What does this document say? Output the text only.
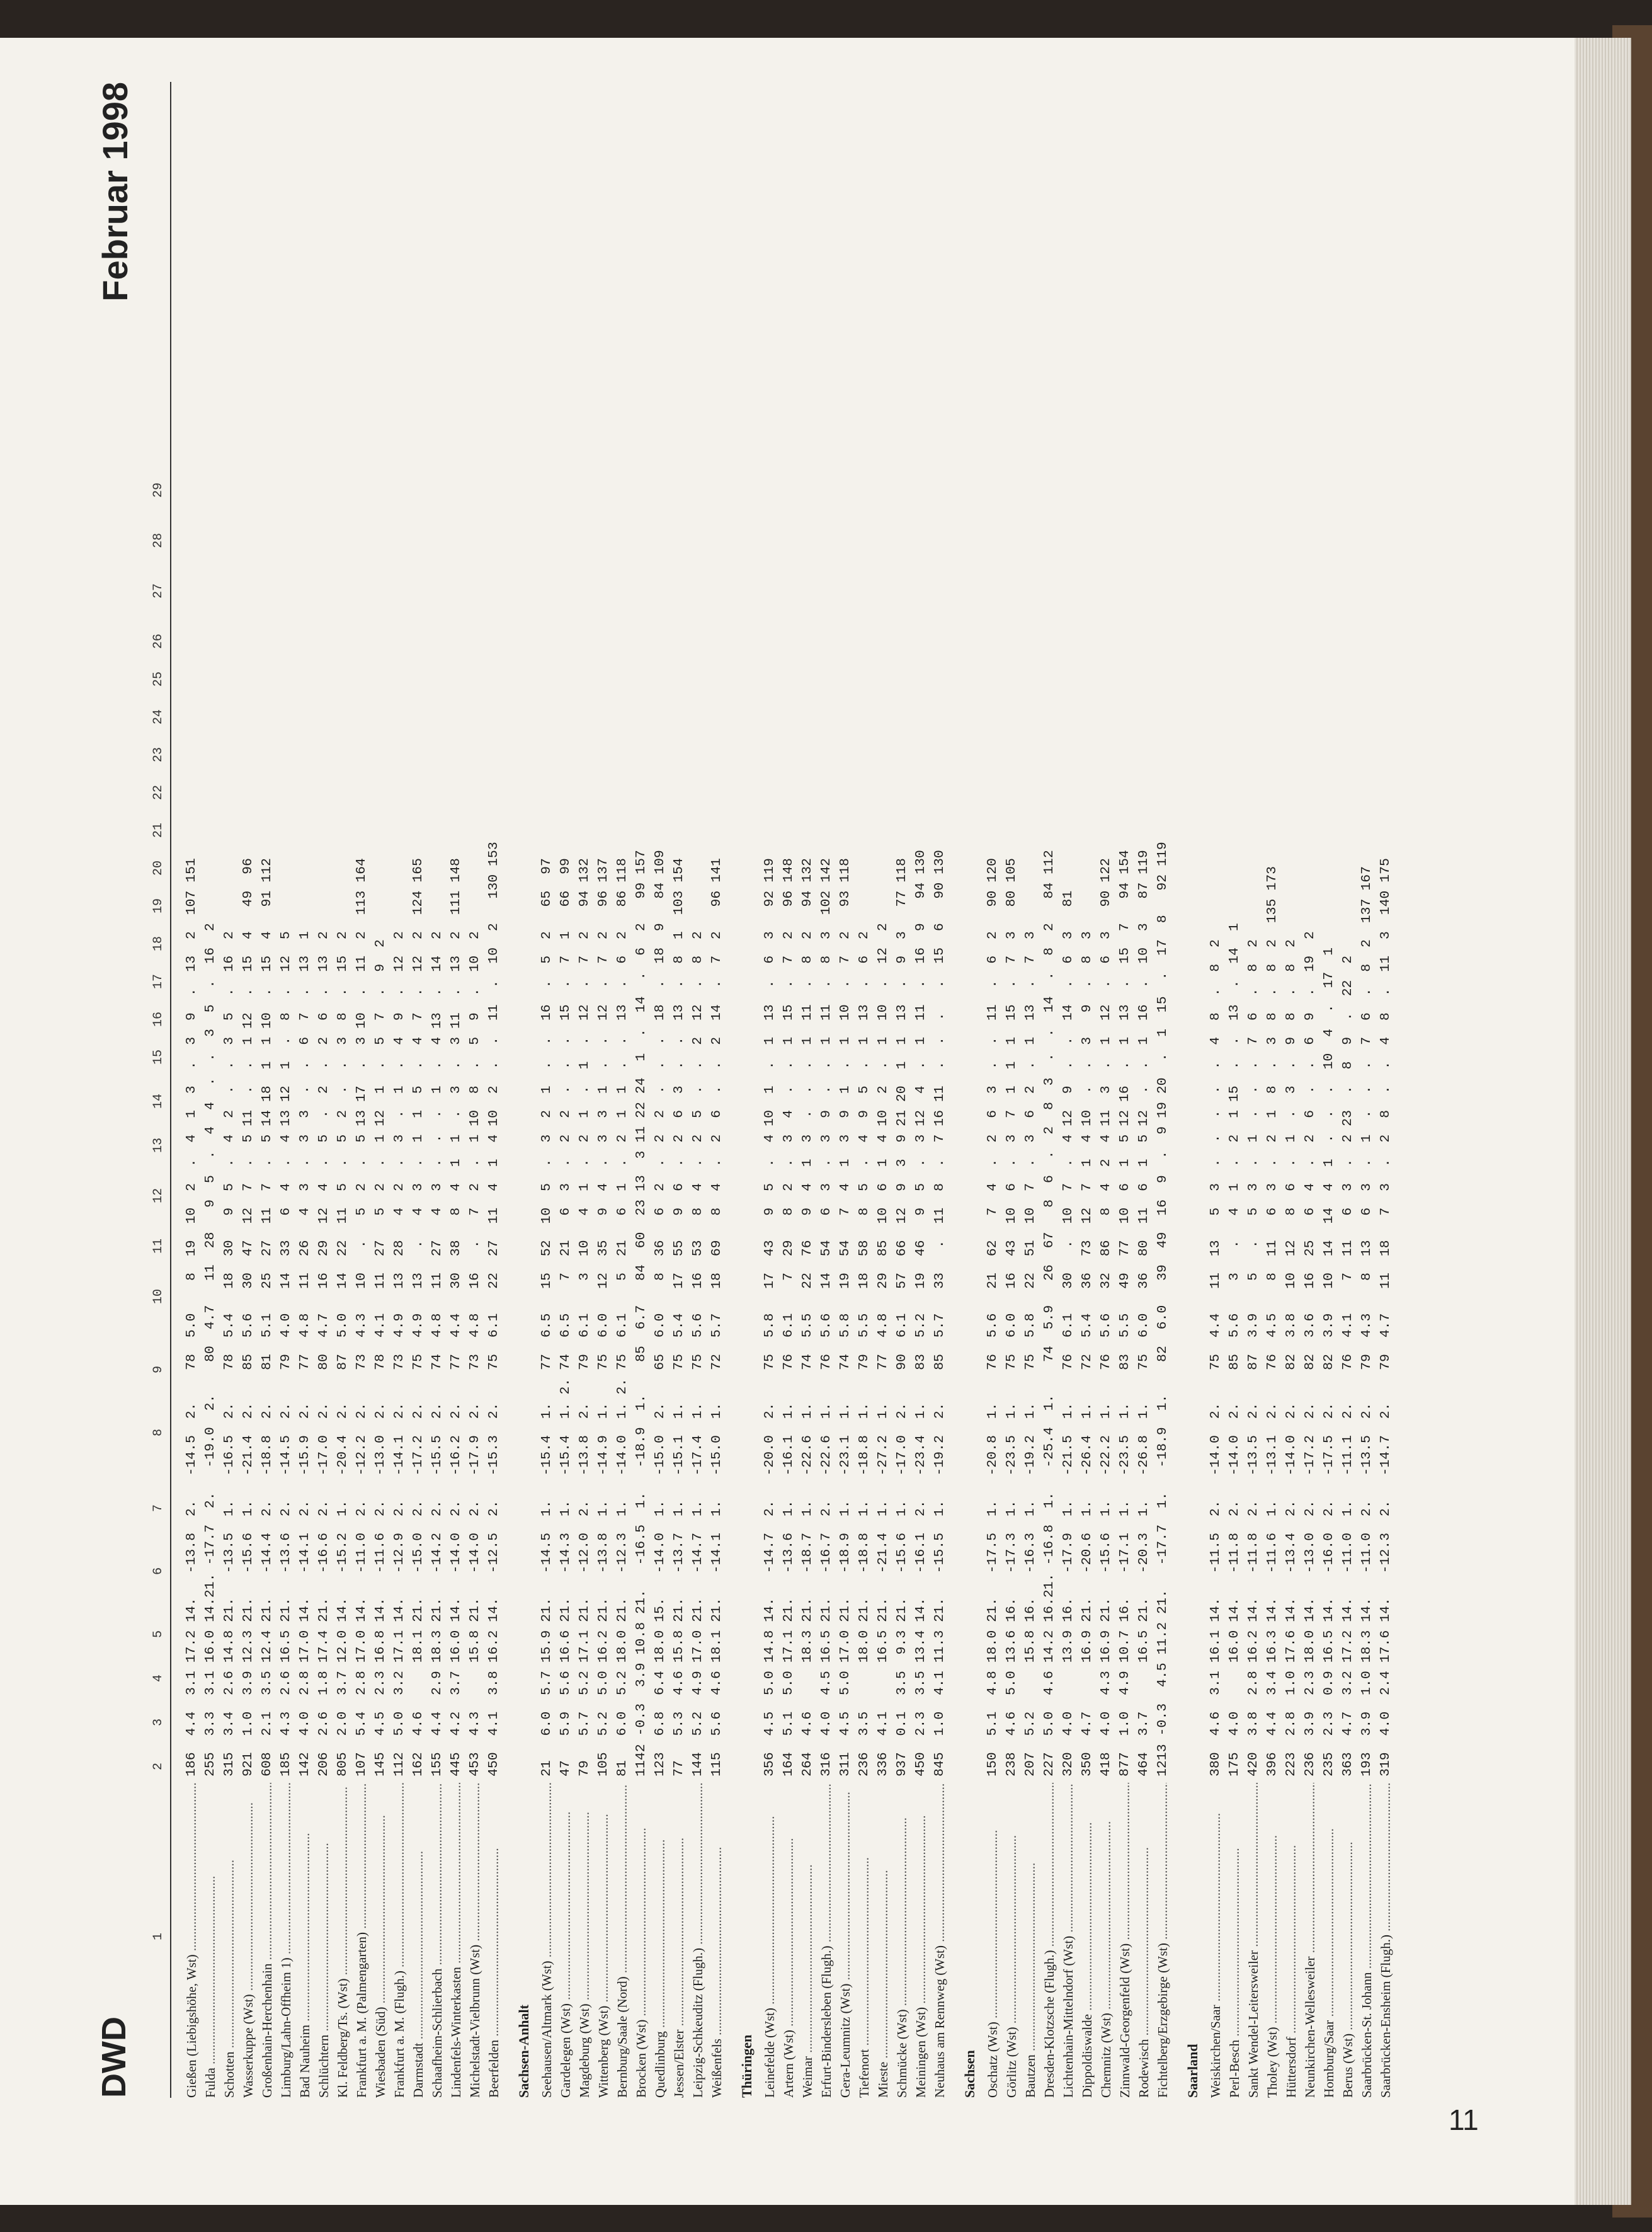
DWD
Februar 1998
1
2
3
4
5
6
7
8
9
10
11
12
13
14
15
16
17
18
19
20
21
22
23
24
25
26
27
28
29
Gießen (Liebigshöhe, Wst) .....
186  4.4  3.1 17.2 14.   -13.8  2.   -14.5  2.    78  5.0    8  19  10  2  .  4  1  3  .  3  9  .  13  2  107 151
Fulda .....
255  3.3  3.1 16.0 14.21. -17.7  2.   -19.0  2.    80  4.7   11  28   9  5  .  4  4  .  .  3  5  .  16  2
Schotten .....
315  3.4  2.6 14.8 21.   -13.5  1.   -16.5  2.    78  5.4   18  30   9  5  .  4  2  .  .  3  5  .  16  2
Wasserkuppe (Wst) .....
921  1.0  3.9 12.3 21.   -15.6  1.   -21.4  2.    85  5.6   30  47  12  7  .  5 11  .  .  1 12  .  15  4   49  96
Großenhain-Herchenhain .....
608  2.1  3.5 12.4 21.   -14.4  2.   -18.8  2.    81  5.1   25  27  11  7  .  5 14 18  1  1 10  .  15  4   91 112
Limburg/Lahn-Offheim 1) .....
185  4.3  2.6 16.5 21.   -13.6  2.   -14.5  2.    79  4.0   14  33   6  4  .  4 13 12  1  .  8  .  12  5
Bad Nauheim .....
142  4.0  2.8 17.0 14.   -14.1  2.   -15.9  2.    77  4.8   11  26   4  3  .  3  3  .  .  6  7  .  13  1
Schlüchtern .....
206  2.6  1.8 17.4 21.   -16.6  2.   -17.0  2.    80  4.7   16  29  12  4  .  5  .  2  .  2  6  .  13  2
Kl. Feldberg/Ts. (Wst) .....
805  2.0  3.7 12.0 14.   -15.2  1.   -20.4  2.    87  5.0   14  22  11  5  .  5  2  .  .  3  8  .  15  2
Frankfurt a. M. (Palmengarten) .....
107  5.4  2.8 17.0 14.   -11.0  2.   -12.2  2.    73  4.3   10   .   5  2  .  5 13 17  .  3 10  .  11  2  113 164
Wiesbaden (Süd) .....
145  4.5  2.3 16.8 14.   -11.6  2.   -13.0  2.    78  4.1   11  27   5  2  .  1 12  1  .  5  7  .  9  2
Frankfurt a. M. (Flugh.) .....
112  5.0  3.2 17.1 14.   -12.9  2.   -14.1  2.    73  4.9   13  28   4  2  .  3  .  1  .  4  9  .  12  2
Darmstadt .....
162  4.6      18.1 21.   -15.0  2.   -17.2  2.    75  4.9   13   .   4  3  .  1  1  5  .  4  7  .  12  2  124 165
Schaafheim-Schlierbach .....
155  4.4  2.9 18.3 21.   -14.2  2.   -15.5  2.    74  4.8   11  27   4  3  .  .  .  1  .  4 13  .  14  2
Lindenfels-Winterkasten .....
445  4.2  3.7 16.0 14.   -14.0  2.   -16.2  2.    77  4.4   30  38   8  4  1  1  .  3  .  3 11  .  13  2  111 148
Michelstadt-Vielbrunn (Wst) .....
453  4.3      15.8 21.   -14.0  2.   -17.9  2.    73  4.8   16   .   7  2  .  1 10  8  .  5  9  .  10  2
Beerfelden .....
450  4.1  3.8 16.2 14.   -12.5  2.   -15.3  2.    75  6.1   22  27  11  4  1  4 10  2  .  .  11  .  10  2   130 153
Sachsen-Anhalt Seehausen/Altmark (Wst) .....
21   6.0  5.7 15.9 21.   -14.5  1.   -15.4  1.    77  6.5   15  52  10  5  .  3  2  1  .  .  16  .  5  2   65  97
Gardelegen (Wst) .....
47   5.9  5.6 16.6 21.   -14.3  1.   -15.4  1. 2. 74  6.5    7  21   6  3  .  2  2  .  .  .  15  .  7  1   66  99
Magdeburg (Wst) .....
79   5.7  5.2 17.1 21.   -12.0  2.   -13.8  2.    79  6.1    3  10   4  1  .  2  1  .  1  .  12  .  7  2   94 132
Wittenberg (Wst) .....
105  5.2  5.0 16.2 21.   -13.8  1.   -14.9  1.    75  6.0   12  35   9  4  .  3  3  1  .  .  12  .  7  2   96 137
Bernburg/Saale (Nord) .....
81   6.0  5.2 18.0 21.   -12.3  1.   -14.0  1. 2. 75  6.1    5  21   6  1  .  2  1  1  .  .  13  .  6  2   86 118
Brocken (Wst) .....
1142 -0.3  3.9 10.8 21.   -16.5  1.   -18.9  1.    85  6.7   84  60  23 13  3 11 22 24  1  .  14  .  6  2   99 157
Quedlinburg .....
123  6.8  6.4 18.0 15.   -14.0  1.   -15.0  2.    65  6.0    8  36   6  2  .  2  2  .  .  .  18  .  18  9   84 109
Jessen/Elster .....
77   5.3  4.6 15.8 21.   -13.7  1.   -15.1  1.    75  5.4   17  55   9  6  .  2  6  3  .  .  13  .  8  1  103 154
Leipzig-Schkeuditz (Flugh.) .....
144  5.2  4.9 17.0 21.   -14.7  1.   -17.4  1.    75  5.6   16  53   8  4  .  2  5  .  .  2  12  .  8  2
Weißenfels .....
115  5.6  4.6 18.1 21.   -14.1  1.   -15.0  1.    72  5.7   18  69   8  4  .  2  6  .  .  2  14  .  7  2   96 141
Thüringen Leinefelde (Wst) .....
356  4.5  5.0 14.8 14.   -14.7  2.   -20.0  2.    75  5.8   17  43   9  5  .  4 10  1  .  1  13  .  6  3   92 119
Artern (Wst) .....
164  5.1  5.0 17.1 21.   -13.6  1.   -16.1  1.    76  6.1    7  29   8  2  .  3  4  .  .  1  15  .  7  2   96 148
Weimar .....
264  4.6      18.3 21.   -18.7  1.   -22.6  1.    74  5.5   22  76   9  4  1  3  .  .  .  1  11  .  8  2   94 132
Erfurt-Bindersleben (Flugh.) .....
316  4.0  4.5 16.5 21.   -16.7  2.   -22.6  1.    76  5.6   14  54   6  3  .  3  9  .  .  1  11  .  8  3  102 142
Gera-Leumnitz (Wst) .....
311  4.5  5.0 17.0 21.   -18.9  1.   -23.1  1.    74  5.8   19  54   7  4  1  3  9  1  .  1  10  .  7  2   93 118
Tiefenort .....
236  3.5      18.0 21.   -18.8  1.   -18.8  1.    79  5.5   18  58   8  5  .  4  9  5  .  1  13  .  6  2
Mieste .....
336  4.1      16.5 21.   -21.4  1.   -27.2  1.    77  4.8   29  85  10  6  1  4 10  2  .  1  10  .  12  2
Schmücke (Wst) .....
937  0.1  3.5  9.3 21.   -15.6  1.   -17.0  2.    90  6.1   57  66  12  9  3  9 21 20  1  1  13  .  9  3   77 118
Meiningen (Wst) .....
450  2.3  3.5 13.4 14.   -16.1  2.   -23.4  1.    83  5.2   19  46   9  5  .  3 12  4  .  1  11  .  16  9   94 130
Neuhaus am Rennweg (Wst) .....
845  1.0  4.1 11.3 21.   -15.5  1.   -19.2  2.    85  5.7   33   .  11  8  .  7 16 11  .  .  .   .  15  6   90 130
Sachsen Oschatz (Wst) .....
150  5.1  4.8 18.0 21.   -17.5  1.   -20.8  1.    76  5.6   21  62   7  4  .  2  6  3  .  .  11  .  6  2   90 120
Görlitz (Wst) .....
238  4.6  5.0 13.6 16.   -17.3  1.   -23.5  1.    75  6.0   16  43  10  6  .  3  7  1  1  1  15  .  7  3   80 105
Bautzen .....
207  5.2      15.8 16.   -16.3  1.   -19.2  1.    75  5.8   22  51  10  7  .  3  6  2  .  1  13  .  7  3
Dresden-Klotzsche (Flugh.) .....
227  5.0  4.6 14.2 16.21. -16.8  1.   -25.4  1.    74  5.9   26  67   8  6  .  2  8  3  .  .  14  .  8  2   84 112
Lichtenhain-Mittelndorf (Wst) .....
320  4.0      13.9 16.   -17.9  1.   -21.5  1.    76  6.1   30   .  10  7  .  4 12  9  .  .  14  .  6  3   81
Dippoldiswalde .....
350  4.7      16.9 21.   -20.6  1.   -26.4  1.    72  5.4   36  73  12  7  1  4 10  .  .  3   9  .  8  3
Chemnitz (Wst) .....
418  4.0  4.3 16.9 21.   -15.6  1.   -22.2  1.    76  5.6   32  86   8  4  2  4 11  3  .  1  12  .  6  3   90 122
Zinnwald-Georgenfeld (Wst) .....
877  1.0  4.9 10.7 16.   -17.1  1.   -23.5  1.    83  5.5   49  77  10  6  1  5 12 16  .  1  13  .  15  7   94 154
Rodewisch .....
464  3.7      16.5 21.   -20.3  1.   -26.8  1.    75  6.0   36  80  11  6  1  5 12  .  .  1  16  .  10  3   87 119
Fichtelberg/Erzgebirge (Wst) .....
1213 -0.3  4.5 11.2 21.   -17.7  1.   -18.9  1.    82  6.0   39  49  16  9  .  9 19 20  .  1  15  .  17  8   92 119
Saarland Weiskirchen/Saar .....
380  4.6  3.1 16.1 14.   -11.5  2.   -14.0  2.    75  4.4   11  13   5  3  .  .  .  .  .  4  8  .  8  2
Perl-Besch .....
175  4.0      16.0 14.   -11.8  2.   -14.0  2.    85  5.6    3   .   4  1  .  2  1 15  .  .  13  .  14  1
Sankt Wendel-Leitersweiler .....
420  3.8  2.8 16.2 14.   -11.8  2.   -13.5  2.    87  3.9    5   .   5  3  .  1  .  .  .  7  6  .  8  2
Tholey (Wst) .....
396  4.4  3.4 16.3 14.   -11.6  1.   -13.1  2.    76  4.5    8  11   6  3  .  2  1  8  .  3  8  .  8  2  135 173
Hüttersdorf .....
223  2.8  1.0 17.6 14.   -13.4  2.   -14.0  2.    82  3.8   10  12   8  6  .  1  .  3  .  9  8  .  8  2
Neunkirchen-Wellesweiler .....
236  3.9  2.3 18.0 14.   -13.0  2.   -17.2  2.    82  3.6   16  25   6  4  .  2  6  .  .  6  9  .  19  2
Homburg/Saar .....
235  2.3  0.9 16.5 14.   -16.0  2.   -17.5  2.    82  3.9   10  14  14  4  1  .  .  .  10  4  .  17  1
Berus (Wst) .....
363  4.7  3.2 17.2 14.   -11.0  1.   -11.1  2.    76  4.1    7  11   6  3  .  2 23  .  8  9  .  22  2
Saarbrücken-St. Johann .....
193  3.9  1.0 18.3 14.   -11.0  2.   -13.5  2.    79  4.3    8  13   6  3  .  1  .  .  .  7  6  .  8  2  137 167
Saarbrücken-Ensheim (Flugh.) .....
319  4.0  2.4 17.6 14.   -12.3  2.   -14.7  2.    79  4.7   11  18   7  3  .  2  8  .  .  4  8  .  11  3  140 175
11
